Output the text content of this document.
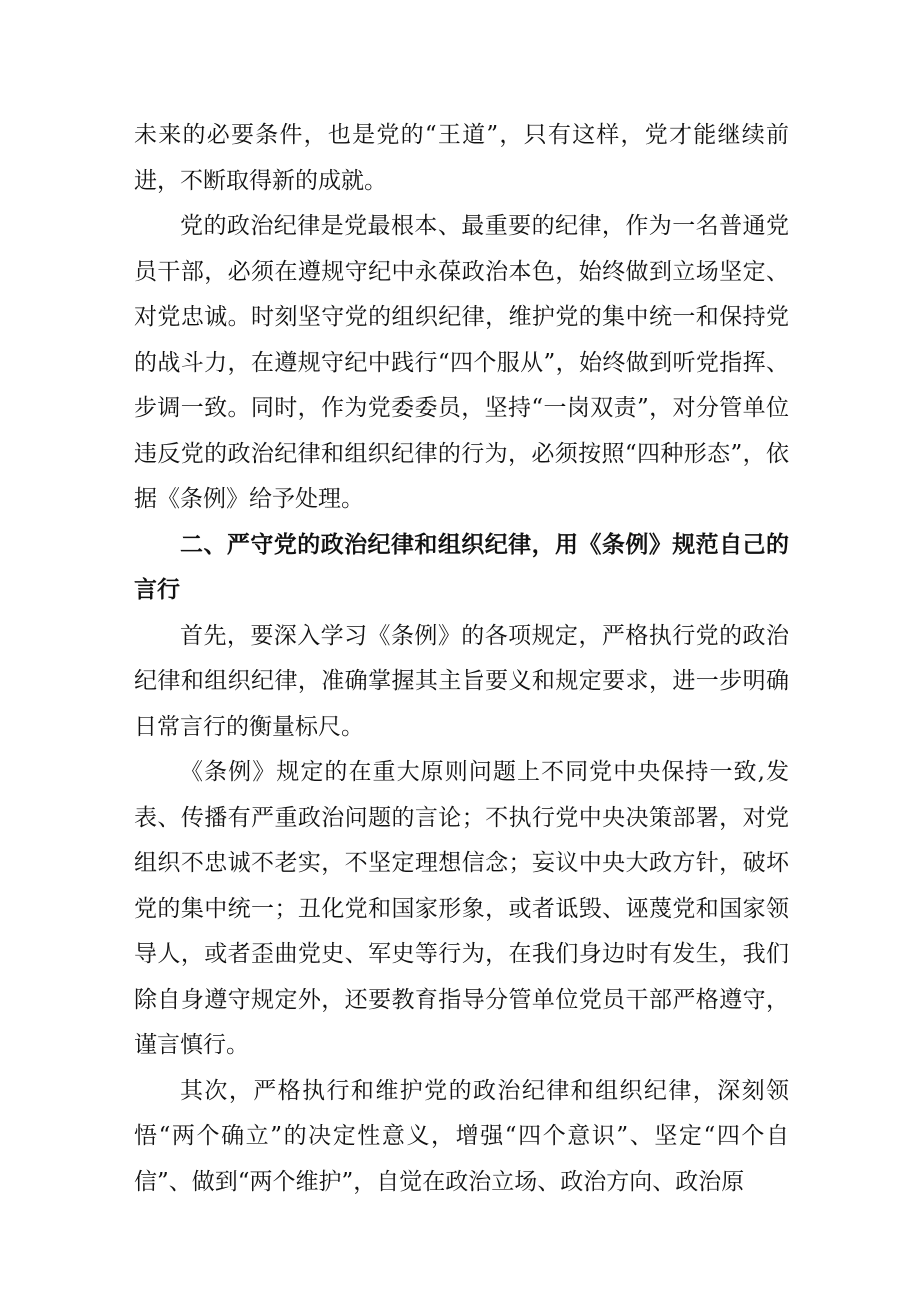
未来的必要条件，也是党的“王道”，只有这样，党才能继续前进，不断取得新的成就。

党的政治纪律是党最根本、最重要的纪律，作为一名普通党员干部，必须在遵规守纪中永葆政治本色，始终做到立场坚定、对党忠诚。时刻坚守党的组织纪律，维护党的集中统一和保持党的战斗力，在遵规守纪中践行“四个服从”，始终做到听党指挥、步调一致。同时，作为党委委员，坚持“一岗双责”，对分管单位违反党的政治纪律和组织纪律的行为，必须按照“四种形态”，依据《条例》给予处理。

二、严守党的政治纪律和组织纪律，用《条例》规范自己的言行

首先，要深入学习《条例》的各项规定，严格执行党的政治纪律和组织纪律，准确掌握其主旨要义和规定要求，进一步明确日常言行的衡量标尺。

《条例》规定的在重大原则问题上不同党中央保持一致,发表、传播有严重政治问题的言论；不执行党中央决策部署，对党组织不忠诚不老实，不坚定理想信念；妄议中央大政方针，破坏党的集中统一；丑化党和国家形象，或者诋毁、诬蔑党和国家领导人，或者歪曲党史、军史等行为，在我们身边时有发生，我们除自身遵守规定外，还要教育指导分管单位党员干部严格遵守，谨言慎行。

其次，严格执行和维护党的政治纪律和组织纪律，深刻领悟“两个确立”的决定性意义，增强“四个意识”、坚定“四个自信”、做到“两个维护”，自觉在政治立场、政治方向、政治原
